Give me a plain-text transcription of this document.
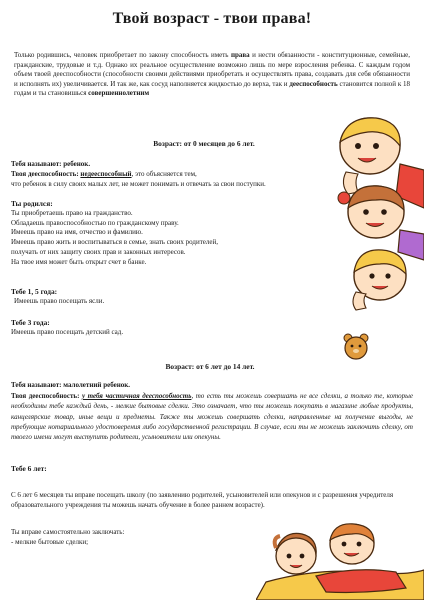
Твой возраст - твои права!
Только родившись, человек приобретает по закону способность иметь права и нести обязанности - конституционные, семейные, гражданские, трудовые и т.д. Однако их реальное осуществление возможно лишь по мере взросления ребенка. С каждым годом объем твоей дееспособности (способности своими действиями приобретать и осуществлять права, создавать для себя обязанности и исполнять их) увеличивается. И так же, как сосуд наполняется жидкостью до верха, так и дееспособность становится полной к 18 годам и ты становишься совершеннолетним
Возраст: от 0 месяцев до 6 лет.
Тебя называют: ребенок.
Твоя дееспособность: недееспособный, это объясняется тем,
что ребенок в силу своих малых лет, не может понимать и отвечать за свои поступки.
Ты родился:
Ты приобретаешь право на гражданство.
Обладаешь правоспособностью по гражданскому праву.
Имеешь право на имя, отчество и фамилию.
Имеешь право жить и воспитываться в семье, знать своих родителей,
получать от них защиту своих прав и законных интересов.
На твое имя может быть открыт счет в банке.
Тебе 1, 5 года:
Имеешь право посещать ясли.
Тебе 3 года:
Имеешь право посещать детский сад.
Возраст: от 6 лет до 14 лет.
Тебя называют: малолетний ребенок.
Твоя дееспособность: у тебя частичная дееспособность, то есть ты можешь совершать не все сделки, а только те, которые необходимы тебе каждый день, - мелкие бытовые сделки. Это означает, что ты можешь покупать в магазине любые продукты, канцелярские товар, иные вещи и предметы. Также ты можешь совершать сделки, направленные на получение выгоды, не требующие нотариального удостоверения либо государственной регистрации. В случае, если ты не можешь заключить сделку, от твоего имени могут выступить родители, усыновители или опекуны.
Тебе 6 лет:
С 6 лет 6 месяцев ты вправе посещать школу (по заявлению родителей, усыновителей или опекунов и с разрешения учредителя образовательного учреждения ты можешь начать обучение в более раннем возрасте).
Ты вправе самостоятельно заключать:
- мелкие бытовые сделки;
